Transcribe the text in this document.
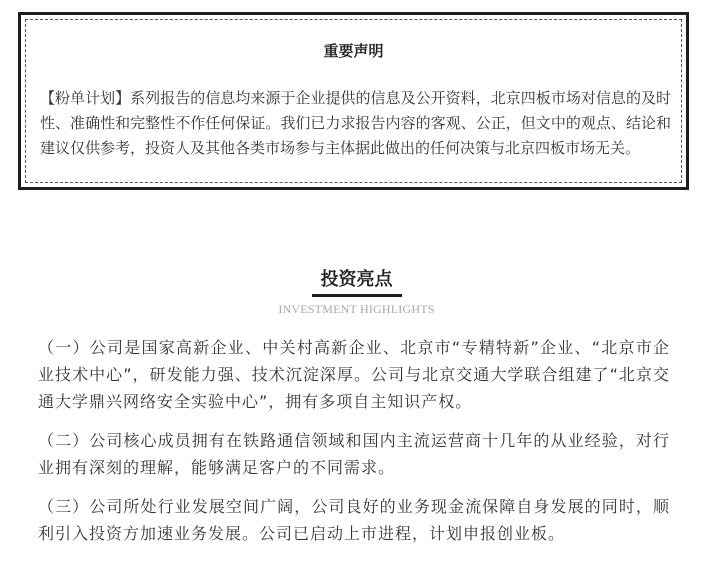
重要声明

【粉单计划】系列报告的信息均来源于企业提供的信息及公开资料，北京四板市场对信息的及时性、准确性和完整性不作任何保证。我们已力求报告内容的客观、公正，但文中的观点、结论和建议仅供参考，投资人及其他各类市场参与主体据此做出的任何决策与北京四板市场无关。

投资亮点

INVESTMENT HIGHLIGHTS

（一）公司是国家高新企业、中关村高新企业、北京市“专精特新”企业、“北京市企业技术中心”，研发能力强、技术沉淀深厚。公司与北京交通大学联合组建了“北京交通大学鼎兴网络安全实验中心”，拥有多项自主知识产权。
（二）公司核心成员拥有在铁路通信领域和国内主流运营商十几年的从业经验，对行业拥有深刻的理解，能够满足客户的不同需求。
（三）公司所处行业发展空间广阔，公司良好的业务现金流保障自身发展的同时，顺利引入投资方加速业务发展。公司已启动上市进程，计划申报创业板。
